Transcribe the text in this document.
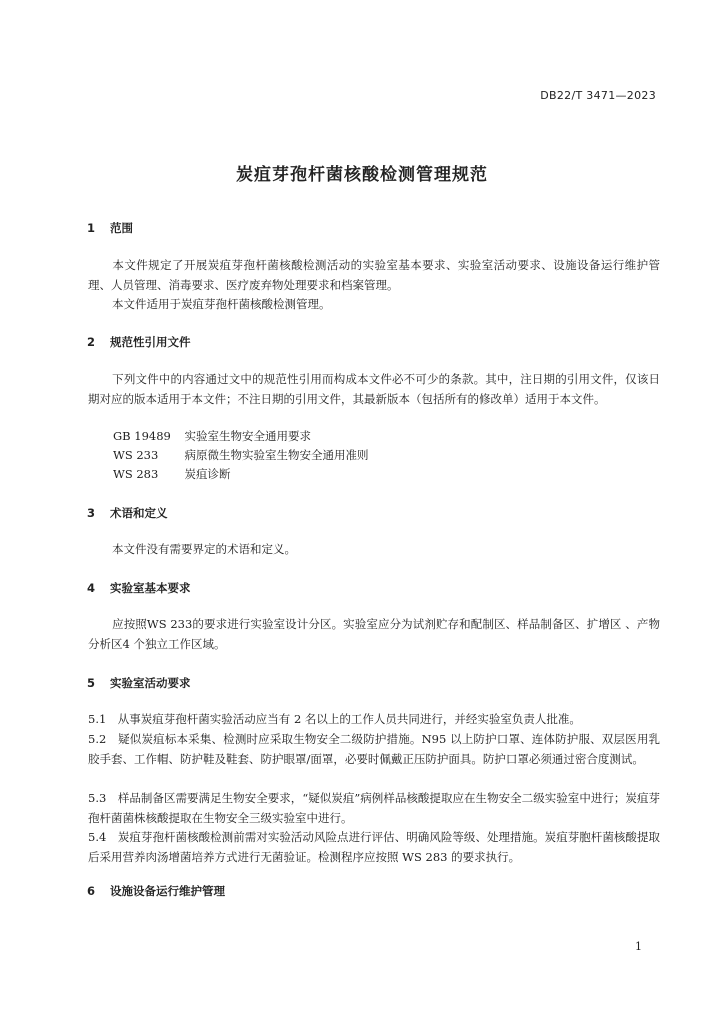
DB22/T 3471—2023
炭疽芽孢杆菌核酸检测管理规范
1 范围
本文件规定了开展炭疽芽孢杆菌核酸检测活动的实验室基本要求、实验室活动要求、设施设备运行维护管理、人员管理、消毒要求、医疗废弃物处理要求和档案管理。
本文件适用于炭疽芽孢杆菌核酸检测管理。
2 规范性引用文件
下列文件中的内容通过文中的规范性引用而构成本文件必不可少的条款。其中，注日期的引用文件，仅该日期对应的版本适用于本文件；不注日期的引用文件，其最新版本（包括所有的修改单）适用于本文件。
GB 19489　 实验室生物安全通用要求
WS 233　 病原微生物实验室生物安全通用准则
WS 283　 炭疽诊断
3 术语和定义
本文件没有需要界定的术语和定义。
4 实验室基本要求
应按照WS 233的要求进行实验室设计分区。实验室应分为试剂贮存和配制区、样品制备区、扩增区 、产物分析区4 个独立工作区域。
5 实验室活动要求
5.1　从事炭疽芽孢杆菌实验活动应当有 2 名以上的工作人员共同进行，并经实验室负责人批准。
5.2　疑似炭疽标本采集、检测时应采取生物安全二级防护措施。N95 以上防护口罩、连体防护服、双层医用乳胶手套、工作帽、防护鞋及鞋套、防护眼罩/面罩，必要时佩戴正压防护面具。防护口罩必须通过密合度测试。
5.3　样品制备区需要满足生物安全要求，“疑似炭疽”病例样品核酸提取应在生物安全二级实验室中进行；炭疽芽孢杆菌菌株核酸提取在生物安全三级实验室中进行。
5.4　炭疽芽孢杆菌核酸检测前需对实验活动风险点进行评估、明确风险等级、处理措施。炭疽芽胞杆菌核酸提取后采用营养肉汤增菌培养方式进行无菌验证。检测程序应按照 WS 283 的要求执行。
6 设施设备运行维护管理
1
